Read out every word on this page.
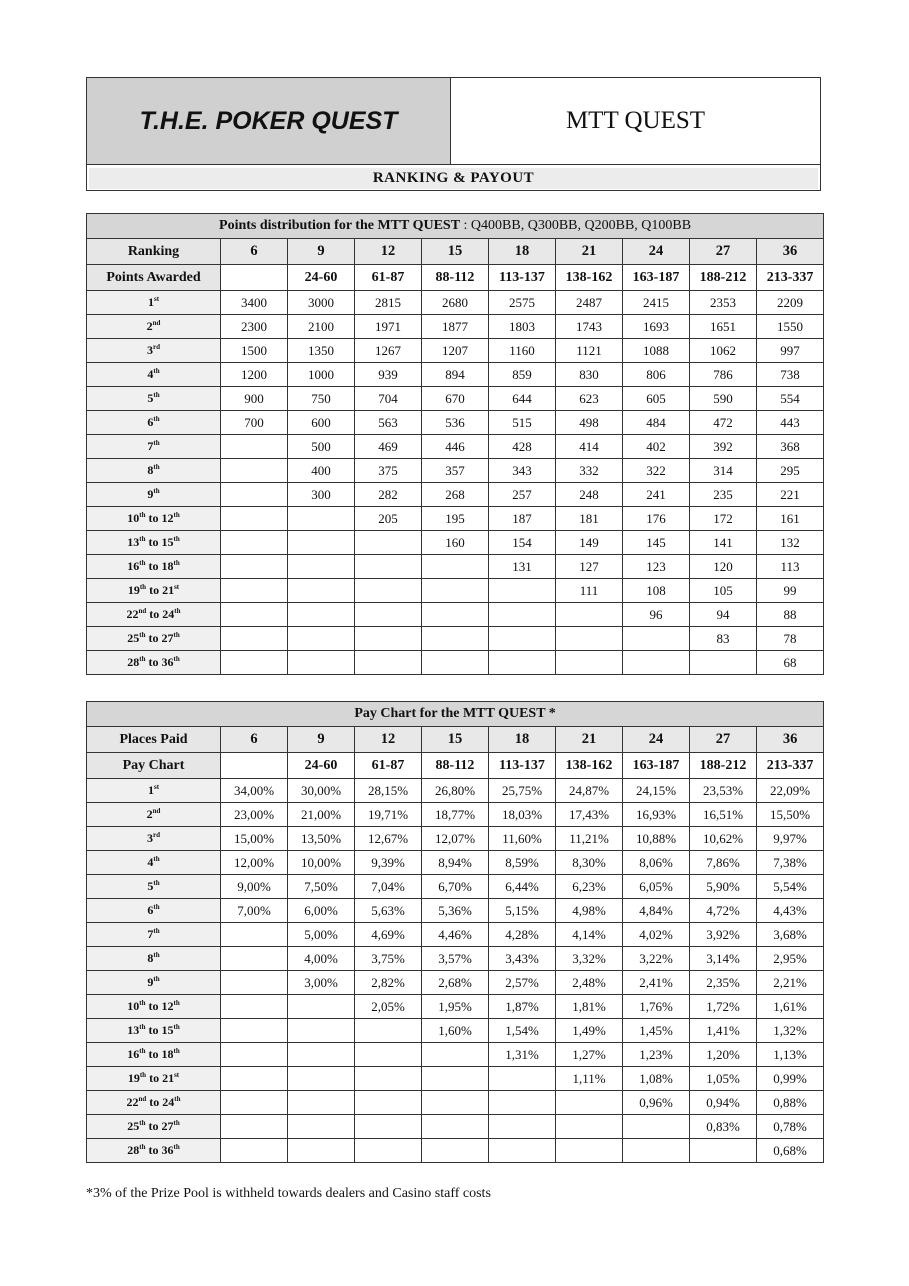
T.H.E. POKER QUEST	MTT QUEST
RANKING & PAYOUT
Points distribution for the MTT QUEST : Q400BB, Q300BB, Q200BB, Q100BB									
Ranking	6	9	12	15	18	21	24	27	36
Points Awarded		24-60	61-87	88-112	113-137	138-162	163-187	188-212	213-337
1st	3400	3000	2815	2680	2575	2487	2415	2353	2209
2nd	2300	2100	1971	1877	1803	1743	1693	1651	1550
3rd	1500	1350	1267	1207	1160	1121	1088	1062	997
4th	1200	1000	939	894	859	830	806	786	738
5th	900	750	704	670	644	623	605	590	554
6th	700	600	563	536	515	498	484	472	443
7th		500	469	446	428	414	402	392	368
8th		400	375	357	343	332	322	314	295
9th		300	282	268	257	248	241	235	221
10th to 12th			205	195	187	181	176	172	161
13th to 15th				160	154	149	145	141	132
16th to 18th					131	127	123	120	113
19th to 21st						111	108	105	99
22nd to 24th							96	94	88
25th to 27th								83	78
28th to 36th									68
Pay Chart for the MTT QUEST *									
Places Paid	6	9	12	15	18	21	24	27	36
Pay Chart		24-60	61-87	88-112	113-137	138-162	163-187	188-212	213-337
1st	34,00%	30,00%	28,15%	26,80%	25,75%	24,87%	24,15%	23,53%	22,09%
2nd	23,00%	21,00%	19,71%	18,77%	18,03%	17,43%	16,93%	16,51%	15,50%
3rd	15,00%	13,50%	12,67%	12,07%	11,60%	11,21%	10,88%	10,62%	9,97%
4th	12,00%	10,00%	9,39%	8,94%	8,59%	8,30%	8,06%	7,86%	7,38%
5th	9,00%	7,50%	7,04%	6,70%	6,44%	6,23%	6,05%	5,90%	5,54%
6th	7,00%	6,00%	5,63%	5,36%	5,15%	4,98%	4,84%	4,72%	4,43%
7th		5,00%	4,69%	4,46%	4,28%	4,14%	4,02%	3,92%	3,68%
8th		4,00%	3,75%	3,57%	3,43%	3,32%	3,22%	3,14%	2,95%
9th		3,00%	2,82%	2,68%	2,57%	2,48%	2,41%	2,35%	2,21%
10th to 12th			2,05%	1,95%	1,87%	1,81%	1,76%	1,72%	1,61%
13th to 15th				1,60%	1,54%	1,49%	1,45%	1,41%	1,32%
16th to 18th					1,31%	1,27%	1,23%	1,20%	1,13%
19th to 21st						1,11%	1,08%	1,05%	0,99%
22nd to 24th							0,96%	0,94%	0,88%
25th to 27th								0,83%	0,78%
28th to 36th									0,68%
*3% of the Prize Pool is withheld towards dealers and Casino staff costs
